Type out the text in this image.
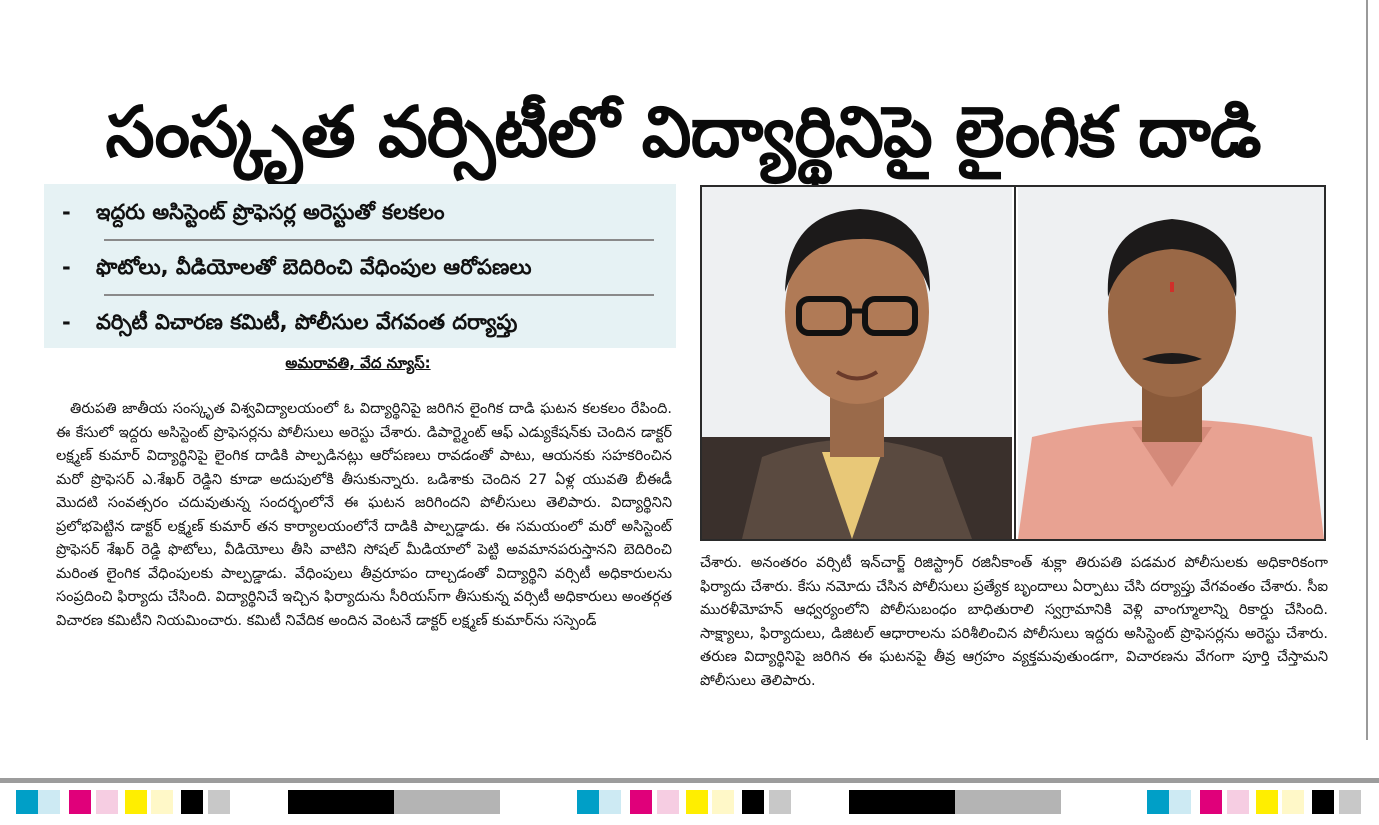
సంస్కృత వర్సిటీలో విద్యార్థినిపై లైంగిక దాడి
- ఇద్దరు అసిస్టెంట్ ప్రొఫెసర్ల అరెస్టుతో కలకలం
- ఫొటోలు, వీడియోలతో బెదిరించి వేధింపుల ఆరోపణలు
- వర్సిటీ విచారణ కమిటీ, పోలీసుల వేగవంత దర్యాప్తు
అమరావతి, వేద న్యూస్:
తిరుపతి జాతీయ సంస్కృత విశ్వవిద్యాలయంలో ఓ విద్యార్థినిపై జరిగిన లైంగిక దాడి ఘటన కలకలం రేపింది. ఈ కేసులో ఇద్దరు అసిస్టెంట్ ప్రొఫెసర్లను పోలీసులు అరెస్టు చేశారు. డిపార్ట్మెంట్ ఆఫ్ ఎడ్యుకేషన్‌కు చెందిన డాక్టర్ లక్ష్మణ్ కుమార్ విద్యార్థినిపై లైంగిక దాడికి పాల్పడినట్లు ఆరోపణలు రావడంతో పాటు, ఆయనకు సహకరించిన మరో ప్రొఫెసర్ ఎ.శేఖర్ రెడ్డిని కూడా అదుపులోకి తీసుకున్నారు. ఒడిశాకు చెందిన 27 ఏళ్ల యువతి బీఈడీ మొదటి సంవత్సరం చదువుతున్న సందర్భంలోనే ఈ ఘటన జరిగిందని పోలీసులు తెలిపారు. విద్యార్థినిని ప్రలోభపెట్టిన డాక్టర్ లక్ష్మణ్ కుమార్ తన కార్యాలయంలోనే దాడికి పాల్పడ్డాడు. ఈ సమయంలో మరో అసిస్టెంట్ ప్రొఫెసర్ శేఖర్ రెడ్డి ఫొటోలు, వీడియోలు తీసి వాటిని సోషల్ మీడియాలో పెట్టి అవమానపరుస్తానని బెదిరించి మరింత లైంగిక వేధింపులకు పాల్పడ్డాడు. వేధింపులు తీవ్రరూపం దాల్చడంతో విద్యార్థిని వర్సిటీ అధికారులను సంప్రదించి ఫిర్యాదు చేసింది. విద్యార్థినిచే ఇచ్చిన ఫిర్యాదును సీరియస్‌గా తీసుకున్న వర్సిటీ అధికారులు అంతర్గత విచారణ కమిటీని నియమించారు. కమిటీ నివేదిక అందిన వెంటనే డాక్టర్ లక్ష్మణ్ కుమార్‌ను సస్పెండ్
చేశారు. అనంతరం వర్సిటీ ఇన్‌చార్జ్ రిజిస్ట్రార్ రజినీకాంత్ శుక్లా తిరుపతి పడమర పోలీసులకు అధికారికంగా ఫిర్యాదు చేశారు. కేసు నమోదు చేసిన పోలీసులు ప్రత్యేక బృందాలు ఏర్పాటు చేసి దర్యాప్తు వేగవంతం చేశారు. సీఐ మురళీమోహన్ ఆధ్వర్యంలోని పోలీసుబంధం బాధితురాలి స్వగ్రామానికి వెళ్లి వాంగ్మూలాన్ని రికార్డు చేసింది. సాక్ష్యాలు, ఫిర్యాదులు, డిజిటల్ ఆధారాలను పరిశీలించిన పోలీసులు ఇద్దరు అసిస్టెంట్ ప్రొఫెసర్లను అరెస్టు చేశారు. తరుణ విద్యార్థినిపై జరిగిన ఈ ఘటనపై తీవ్ర ఆగ్రహం వ్యక్తమవుతుండగా, విచారణను వేగంగా పూర్తి చేస్తామని పోలీసులు తెలిపారు.
